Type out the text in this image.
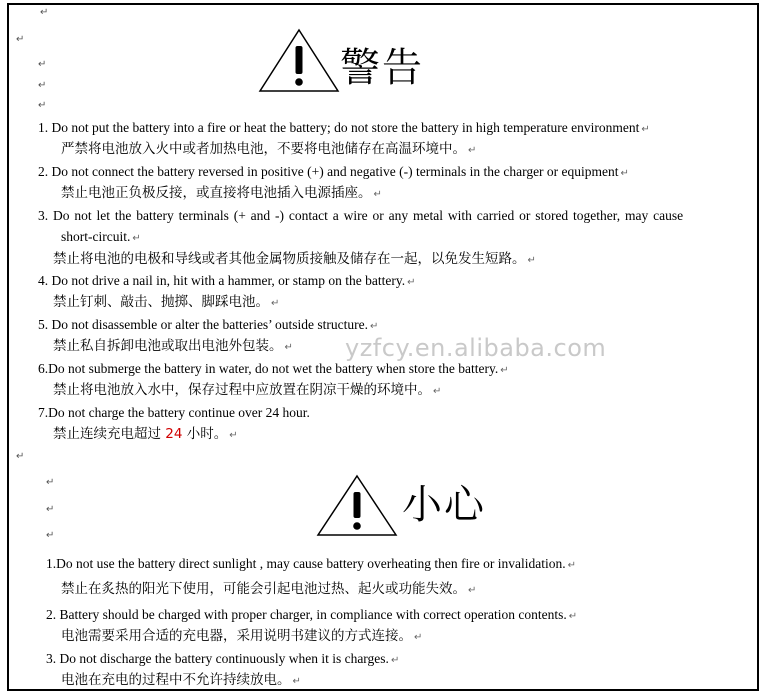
↵
↵
↵
↵
↵
警告
1. Do not put the battery into a fire or heat the battery; do not store the battery in high temperature environment ↵
严禁将电池放入火中或者加热电池，不要将电池储存在高温环境中。 ↵
2. Do not connect the battery reversed in positive (+) and negative (-) terminals in the charger or equipment ↵
禁止电池正负极反接，或直接将电池插入电源插座。 ↵
3. Do not let the battery terminals (+ and -) contact a wire or any metal with carried or stored together, may cause
short-circuit. ↵
禁止将电池的电极和导线或者其他金属物质接触及储存在一起，以免发生短路。 ↵
4. Do not drive a nail in, hit with a hammer, or stamp on the battery. ↵
禁止钉刺、敲击、抛掷、脚踩电池。 ↵
5. Do not disassemble or alter the batteries’ outside structure. ↵
禁止私自拆卸电池或取出电池外包装。 ↵
6.Do not submerge the battery in water, do not wet the battery when store the battery. ↵
禁止将电池放入水中，保存过程中应放置在阴凉干燥的环境中。 ↵
7.Do not charge the battery continue over 24 hour.
禁止连续充电超过 24 小时。 ↵
yzfcy.en.alibaba.com
↵
↵
↵
↵
小心
1.Do not use the battery direct sunlight , may cause battery overheating then fire or invalidation. ↵
禁止在炙热的阳光下使用，可能会引起电池过热、起火或功能失效。 ↵
2. Battery should be charged with proper charger, in compliance with correct operation contents. ↵
电池需要采用合适的充电器，采用说明书建议的方式连接。 ↵
3. Do not discharge the battery continuously when it is charges. ↵
电池在充电的过程中不允许持续放电。 ↵
